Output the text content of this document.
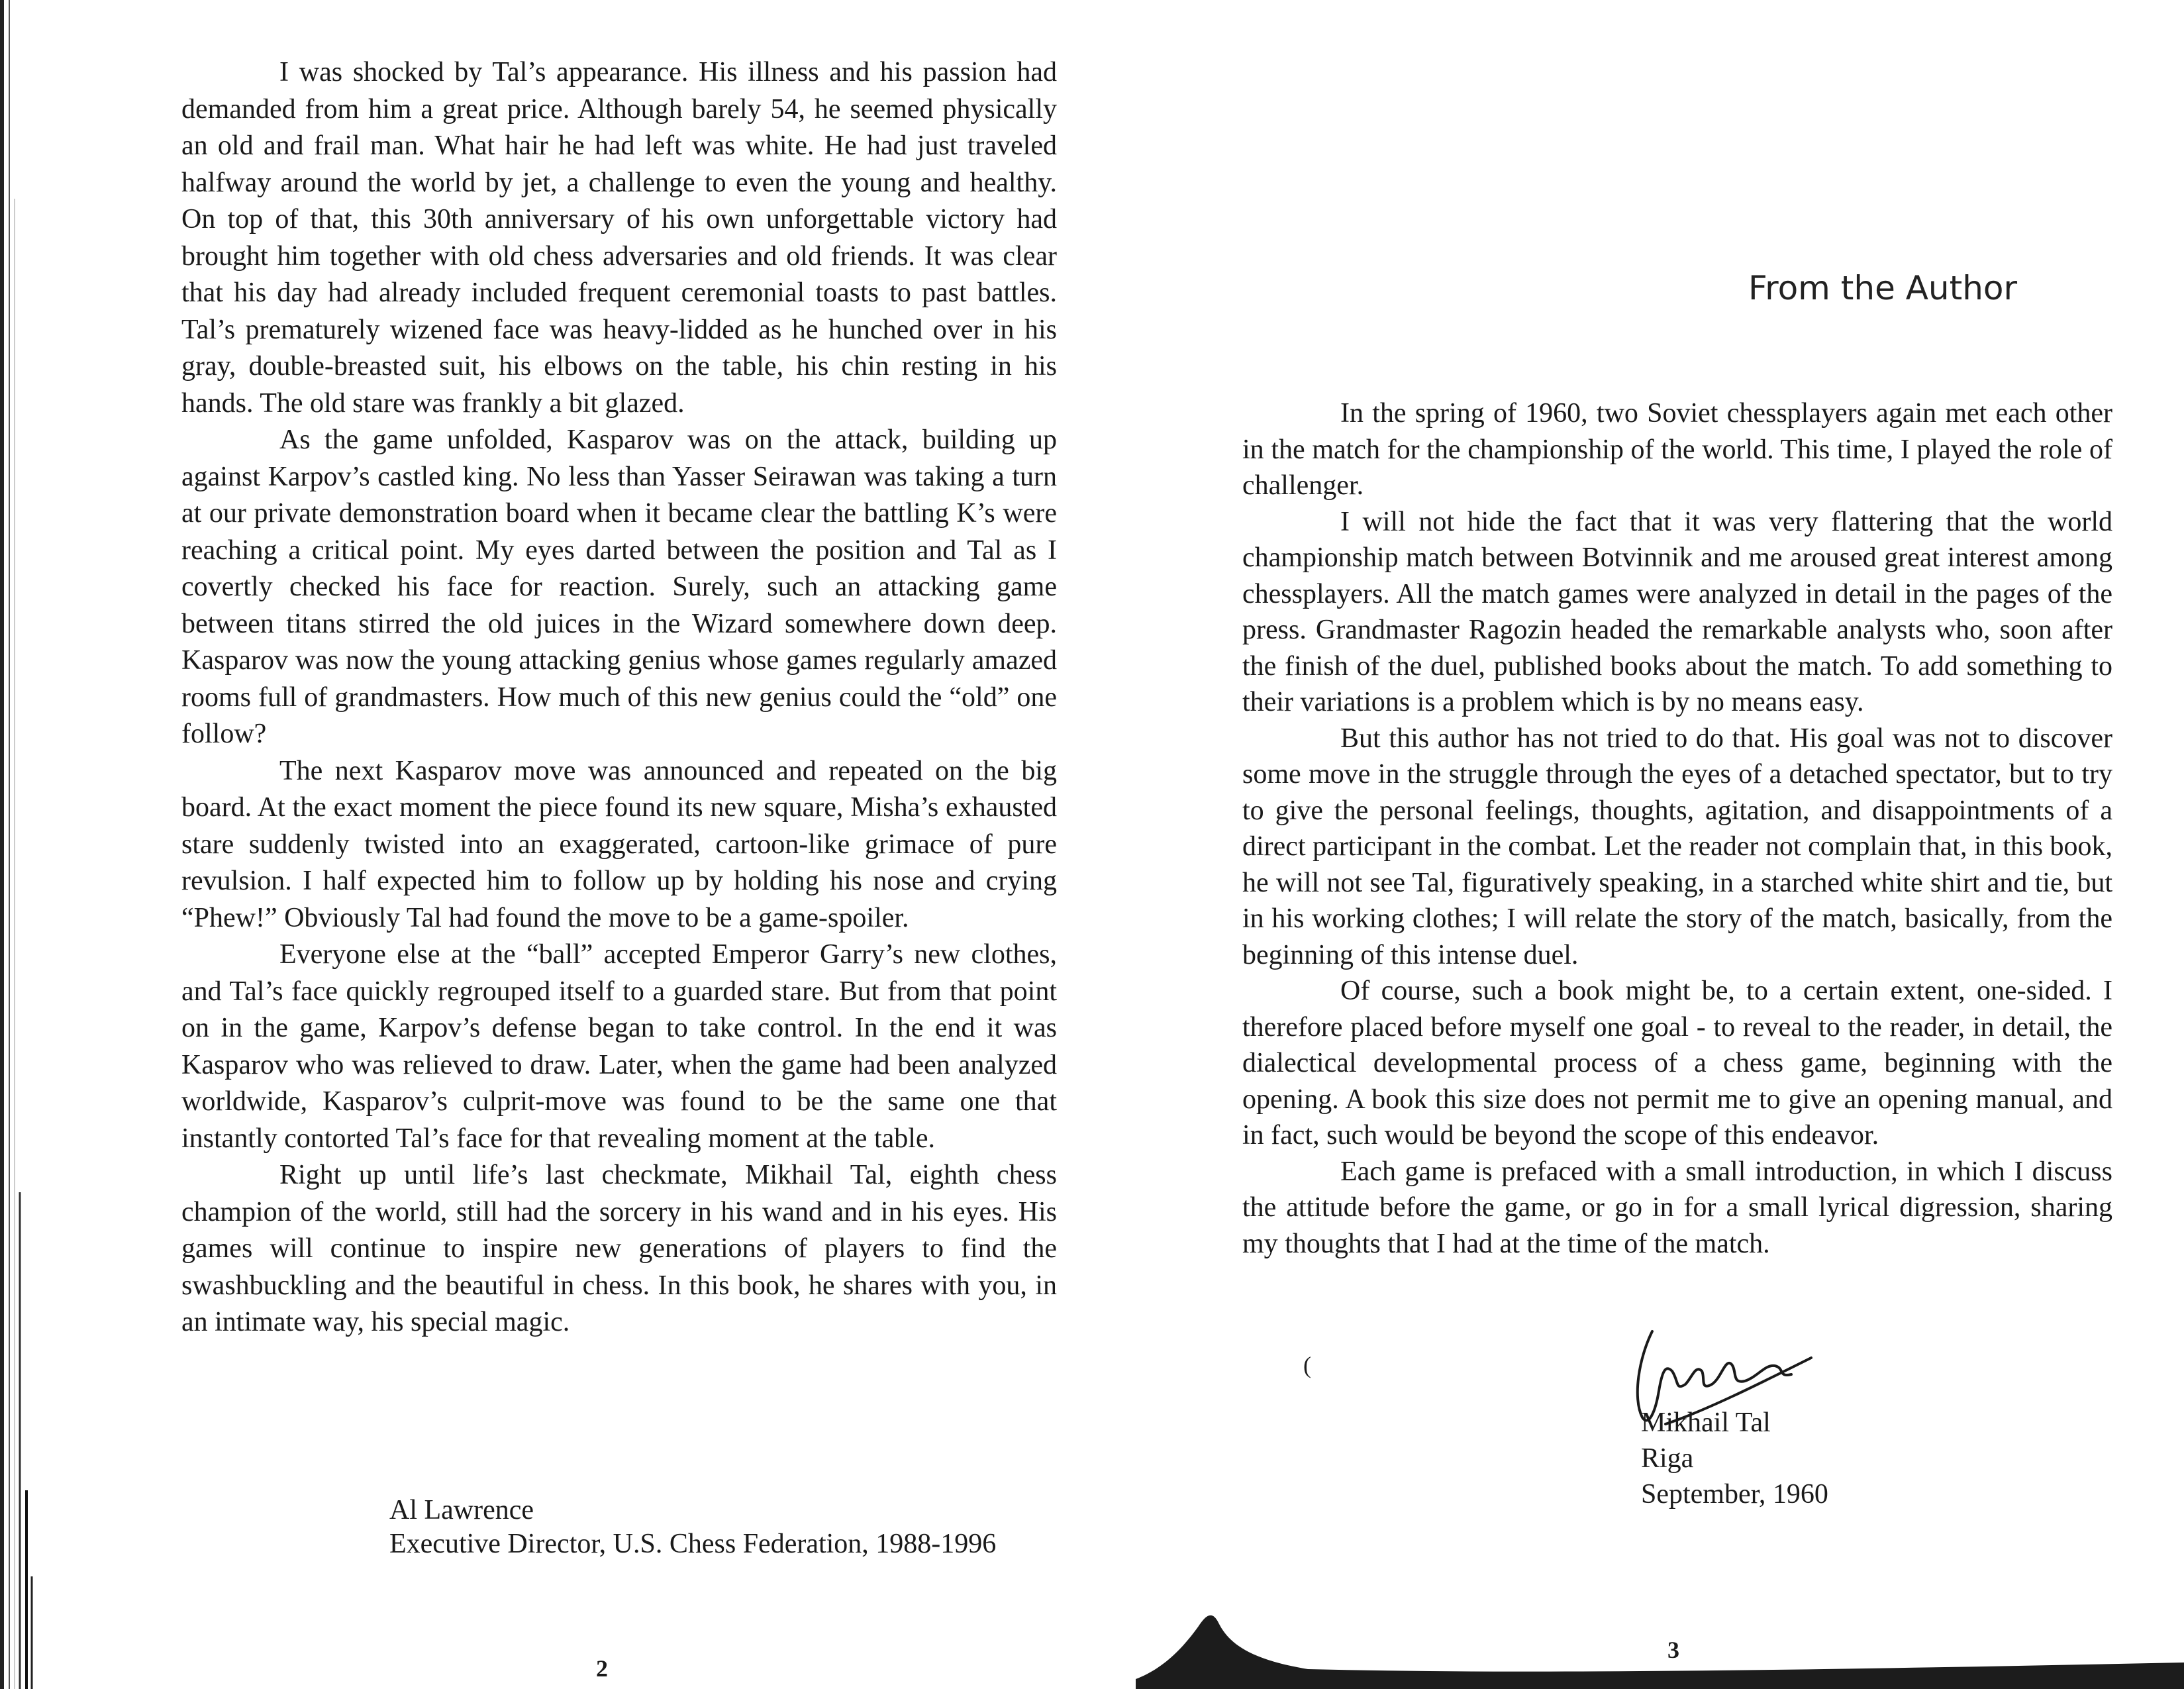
I was shocked by Tal’s appearance. His illness and his passion had demanded from him a great price. Although barely 54, he seemed physically an old and frail man. What hair he had left was white. He had just traveled halfway around the world by jet, a challenge to even the young and healthy. On top of that, this 30th anniversary of his own unforgettable victory had brought him together with old chess adversaries and old friends. It was clear that his day had already included frequent ceremonial toasts to past battles. Tal’s prematurely wizened face was heavy-lidded as he hunched over in his gray, double-breasted suit, his elbows on the table, his chin resting in his hands. The old stare was frankly a bit glazed.

As the game unfolded, Kasparov was on the attack, building up against Karpov’s castled king. No less than Yasser Seirawan was taking a turn at our private demonstration board when it became clear the battling K’s were reaching a critical point. My eyes darted between the position and Tal as I covertly checked his face for reaction. Surely, such an attacking game between titans stirred the old juices in the Wizard somewhere down deep. Kasparov was now the young attacking genius whose games regularly amazed rooms full of grandmasters. How much of this new genius could the “old” one follow?

The next Kasparov move was announced and repeated on the big board. At the exact moment the piece found its new square, Misha’s exhausted stare suddenly twisted into an exaggerated, cartoon-like grimace of pure revulsion. I half expected him to follow up by holding his nose and crying “Phew!” Obviously Tal had found the move to be a game-spoiler.

Everyone else at the “ball” accepted Emperor Garry’s new clothes, and Tal’s face quickly regrouped itself to a guarded stare. But from that point on in the game, Karpov’s defense began to take control. In the end it was Kasparov who was relieved to draw. Later, when the game had been analyzed worldwide, Kasparov’s culprit-move was found to be the same one that instantly contorted Tal’s face for that revealing moment at the table.

Right up until life’s last checkmate, Mikhail Tal, eighth chess champion of the world, still had the sorcery in his wand and in his eyes. His games will continue to inspire new generations of players to find the swashbuckling and the beautiful in chess. In this book, he shares with you, in an intimate way, his special magic.

Al Lawrence
Executive Director, U.S. Chess Federation, 1988-1996
2
From the Author

In the spring of 1960, two Soviet chessplayers again met each other in the match for the championship of the world. This time, I played the role of challenger.

I will not hide the fact that it was very flattering that the world championship match between Botvinnik and me aroused great interest among chessplayers. All the match games were analyzed in detail in the pages of the press. Grandmaster Ragozin headed the remarkable analysts who, soon after the finish of the duel, published books about the match. To add something to their variations is a problem which is by no means easy.

But this author has not tried to do that. His goal was not to discover some move in the struggle through the eyes of a detached spectator, but to try to give the personal feelings, thoughts, agitation, and disappointments of a direct participant in the combat. Let the reader not complain that, in this book, he will not see Tal, figuratively speaking, in a starched white shirt and tie, but in his working clothes; I will relate the story of the match, basically, from the beginning of this intense duel.

Of course, such a book might be, to a certain extent, one-sided. I therefore placed before myself one goal - to reveal to the reader, in detail, the dialectical developmental process of a chess game, beginning with the opening. A book this size does not permit me to give an opening manual, and in fact, such would be beyond the scope of this endeavor.

Each game is prefaced with a small introduction, in which I discuss the attitude before the game, or go in for a small lyrical digression, sharing my thoughts that I had at the time of the match.

(
Mikhail Tal
Riga
September, 1960
3
